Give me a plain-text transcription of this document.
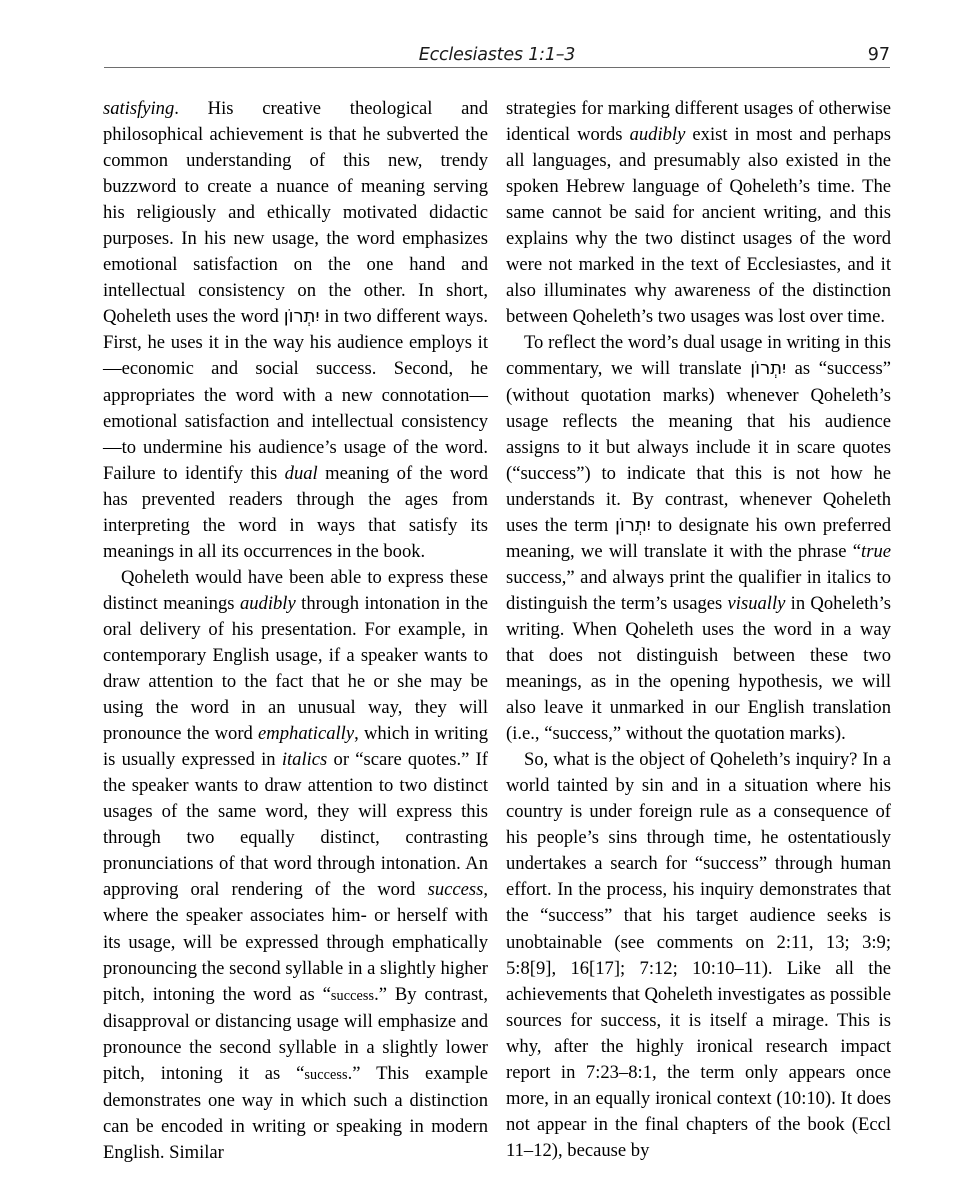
Ecclesiastes 1:1–3	97

satisfying. His creative theological and philosophical achievement is that he subverted the common understanding of this new, trendy buzzword to create a nuance of meaning serving his religiously and ethically motivated didactic purposes. In his new usage, the word emphasizes emotional satisfaction on the one hand and intellectual consistency on the other. In short, Qoheleth uses the word יִתְרוֹן in two different ways. First, he uses it in the way his audience employs it—economic and social success. Second, he appropriates the word with a new connotation—emotional satisfaction and intellectual consistency—to undermine his audience’s usage of the word. Failure to identify this dual meaning of the word has prevented readers through the ages from interpreting the word in ways that satisfy its meanings in all its occurrences in the book.

Qoheleth would have been able to express these distinct meanings audibly through intonation in the oral delivery of his presentation. For example, in contemporary English usage, if a speaker wants to draw attention to the fact that he or she may be using the word in an unusual way, they will pronounce the word emphatically, which in writing is usually expressed in italics or “scare quotes.” If the speaker wants to draw attention to two distinct usages of the same word, they will express this through two equally distinct, contrasting pronunciations of that word through intonation. An approving oral rendering of the word success, where the speaker associates him- or herself with its usage, will be expressed through emphatically pronouncing the second syllable in a slightly higher pitch, intoning the word as “success.” By contrast, disapproval or distancing usage will emphasize and pronounce the second syllable in a slightly lower pitch, intoning it as “success.” This example demonstrates one way in which such a distinction can be encoded in writing or speaking in modern English. Similar

strategies for marking different usages of otherwise identical words audibly exist in most and perhaps all languages, and presumably also existed in the spoken Hebrew language of Qoheleth’s time. The same cannot be said for ancient writing, and this explains why the two distinct usages of the word were not marked in the text of Ecclesiastes, and it also illuminates why awareness of the distinction between Qoheleth’s two usages was lost over time.

To reflect the word’s dual usage in writing in this commentary, we will translate יִתְרוֹן as “success” (without quotation marks) whenever Qoheleth’s usage reflects the meaning that his audience assigns to it but always include it in scare quotes (“success”) to indicate that this is not how he understands it. By contrast, whenever Qoheleth uses the term יִתְרוֹן to designate his own preferred meaning, we will translate it with the phrase “true success,” and always print the qualifier in italics to distinguish the term’s usages visually in Qoheleth’s writing. When Qoheleth uses the word in a way that does not distinguish between these two meanings, as in the opening hypothesis, we will also leave it unmarked in our English translation (i.e., “success,” without the quotation marks).

So, what is the object of Qoheleth’s inquiry? In a world tainted by sin and in a situation where his country is under foreign rule as a consequence of his people’s sins through time, he ostentatiously undertakes a search for “success” through human effort. In the process, his inquiry demonstrates that the “success” that his target audience seeks is unobtainable (see comments on 2:11, 13; 3:9; 5:8[9], 16[17]; 7:12; 10:10–11). Like all the achievements that Qoheleth investigates as possible sources for success, it is itself a mirage. This is why, after the highly ironical research impact report in 7:23–8:1, the term only appears once more, in an equally ironical context (10:10). It does not appear in the final chapters of the book (Eccl 11–12), because by
